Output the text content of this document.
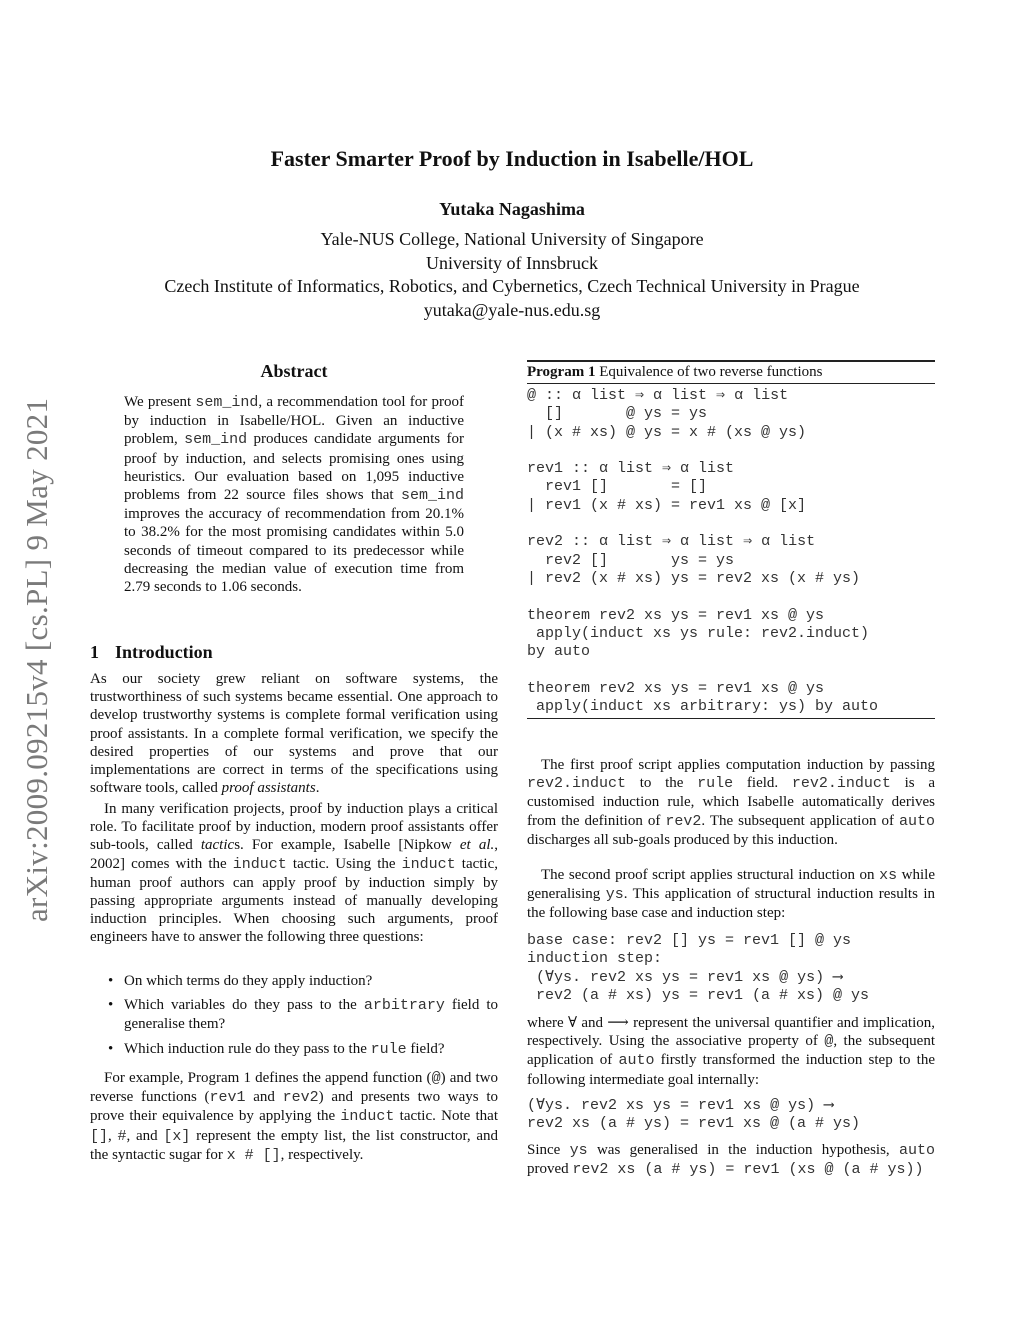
arXiv:2009.09215v4 [cs.PL] 9 May 2021
Faster Smarter Proof by Induction in Isabelle/HOL
Yutaka Nagashima
Yale-NUS College, National University of Singapore
University of Innsbruck
Czech Institute of Informatics, Robotics, and Cybernetics, Czech Technical University in Prague
yutaka@yale-nus.edu.sg
Abstract

We present sem_ind, a recommendation tool for proof by induction in Isabelle/HOL. Given an inductive problem, sem_ind produces candidate arguments for proof by induction, and selects promising ones using heuristics. Our evaluation based on 1,095 inductive problems from 22 source files shows that sem_ind improves the accuracy of recommendation from 20.1% to 38.2% for the most promising candidates within 5.0 seconds of timeout compared to its predecessor while decreasing the median value of execution time from 2.79 seconds to 1.06 seconds.

1 Introduction

As our society grew reliant on software systems, the trustworthiness of such systems became essential. One approach to develop trustworthy systems is complete formal verification using proof assistants. In a complete formal verification, we specify the desired properties of our systems and prove that our implementations are correct in terms of the specifications using software tools, called proof assistants.

In many verification projects, proof by induction plays a critical role. To facilitate proof by induction, modern proof assistants offer sub-tools, called tactics. For example, Isabelle [Nipkow et al., 2002] comes with the induct tactic. Using the induct tactic, human proof authors can apply proof by induction simply by passing appropriate arguments instead of manually developing induction principles. When choosing such arguments, proof engineers have to answer the following three questions:

• On which terms do they apply induction?
• Which variables do they pass to the arbitrary field to generalise them?
• Which induction rule do they pass to the rule field?

For example, Program 1 defines the append function (@) and two reverse functions (rev1 and rev2) and presents two ways to prove their equivalence by applying the induct tactic. Note that [], #, and [x] represent the empty list, the list constructor, and the syntactic sugar for x # [], respectively.

Program 1 Equivalence of two reverse functions
@ :: α list ⇒ α list ⇒ α list
[]       @ ys = ys
| (x # xs) @ ys = x # (xs @ ys)

rev1 :: α list ⇒ α list
rev1 []       = []
| rev1 (x # xs) = rev1 xs @ [x]

rev2 :: α list ⇒ α list ⇒ α list
rev2 []       ys = ys
| rev2 (x # xs) ys = rev2 xs (x # ys)

theorem rev2 xs ys = rev1 xs @ ys
apply(induct xs ys rule: rev2.induct)
by auto

theorem rev2 xs ys = rev1 xs @ ys
apply(induct xs arbitrary: ys) by auto

The first proof script applies computation induction by passing rev2.induct to the rule field. rev2.induct is a customised induction rule, which Isabelle automatically derives from the definition of rev2. The subsequent application of auto discharges all sub-goals produced by this induction.

The second proof script applies structural induction on xs while generalising ys. This application of structural induction results in the following base case and induction step:

base case: rev2 [] ys = rev1 [] @ ys
induction step:
(∀ys. rev2 xs ys = rev1 xs @ ys) ⟶
rev2 (a # xs) ys = rev1 (a # xs) @ ys

where ∀ and ⟶ represent the universal quantifier and implication, respectively. Using the associative property of @, the subsequent application of auto firstly transformed the induction step to the following intermediate goal internally:

(∀ys. rev2 xs ys = rev1 xs @ ys) ⟶
rev2 xs (a # ys) = rev1 xs @ (a # ys)

Since ys was generalised in the induction hypothesis, auto proved rev2 xs (a # ys) = rev1 (xs @ (a # ys))
